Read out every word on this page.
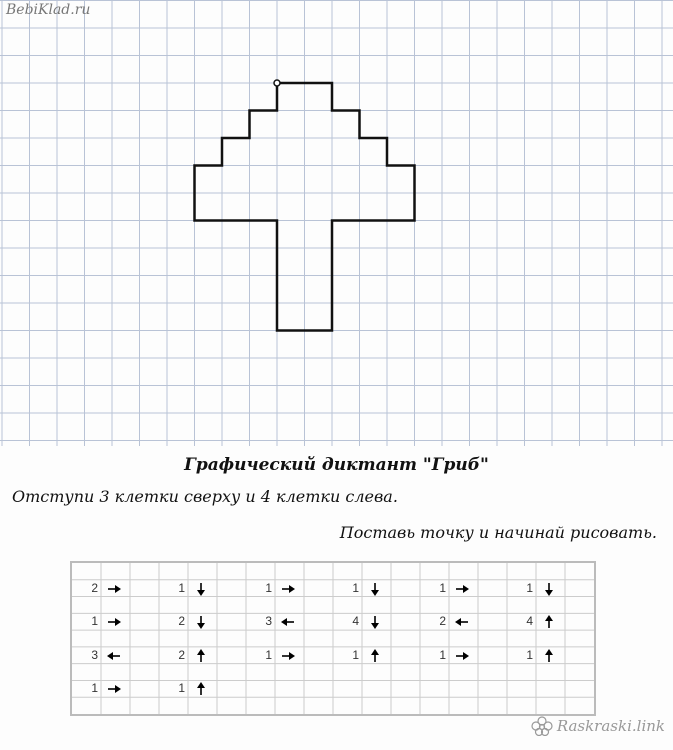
BebiKlad.ru
Графический диктант "Гриб"
Отступи 3 клетки сверху и 4 клетки слева.
Поставь точку и начинай рисовать.
2	1	1	1	1	1
1	2	3	4	2	4
3	2	1	1	1	1
1	1
Raskraski.link
